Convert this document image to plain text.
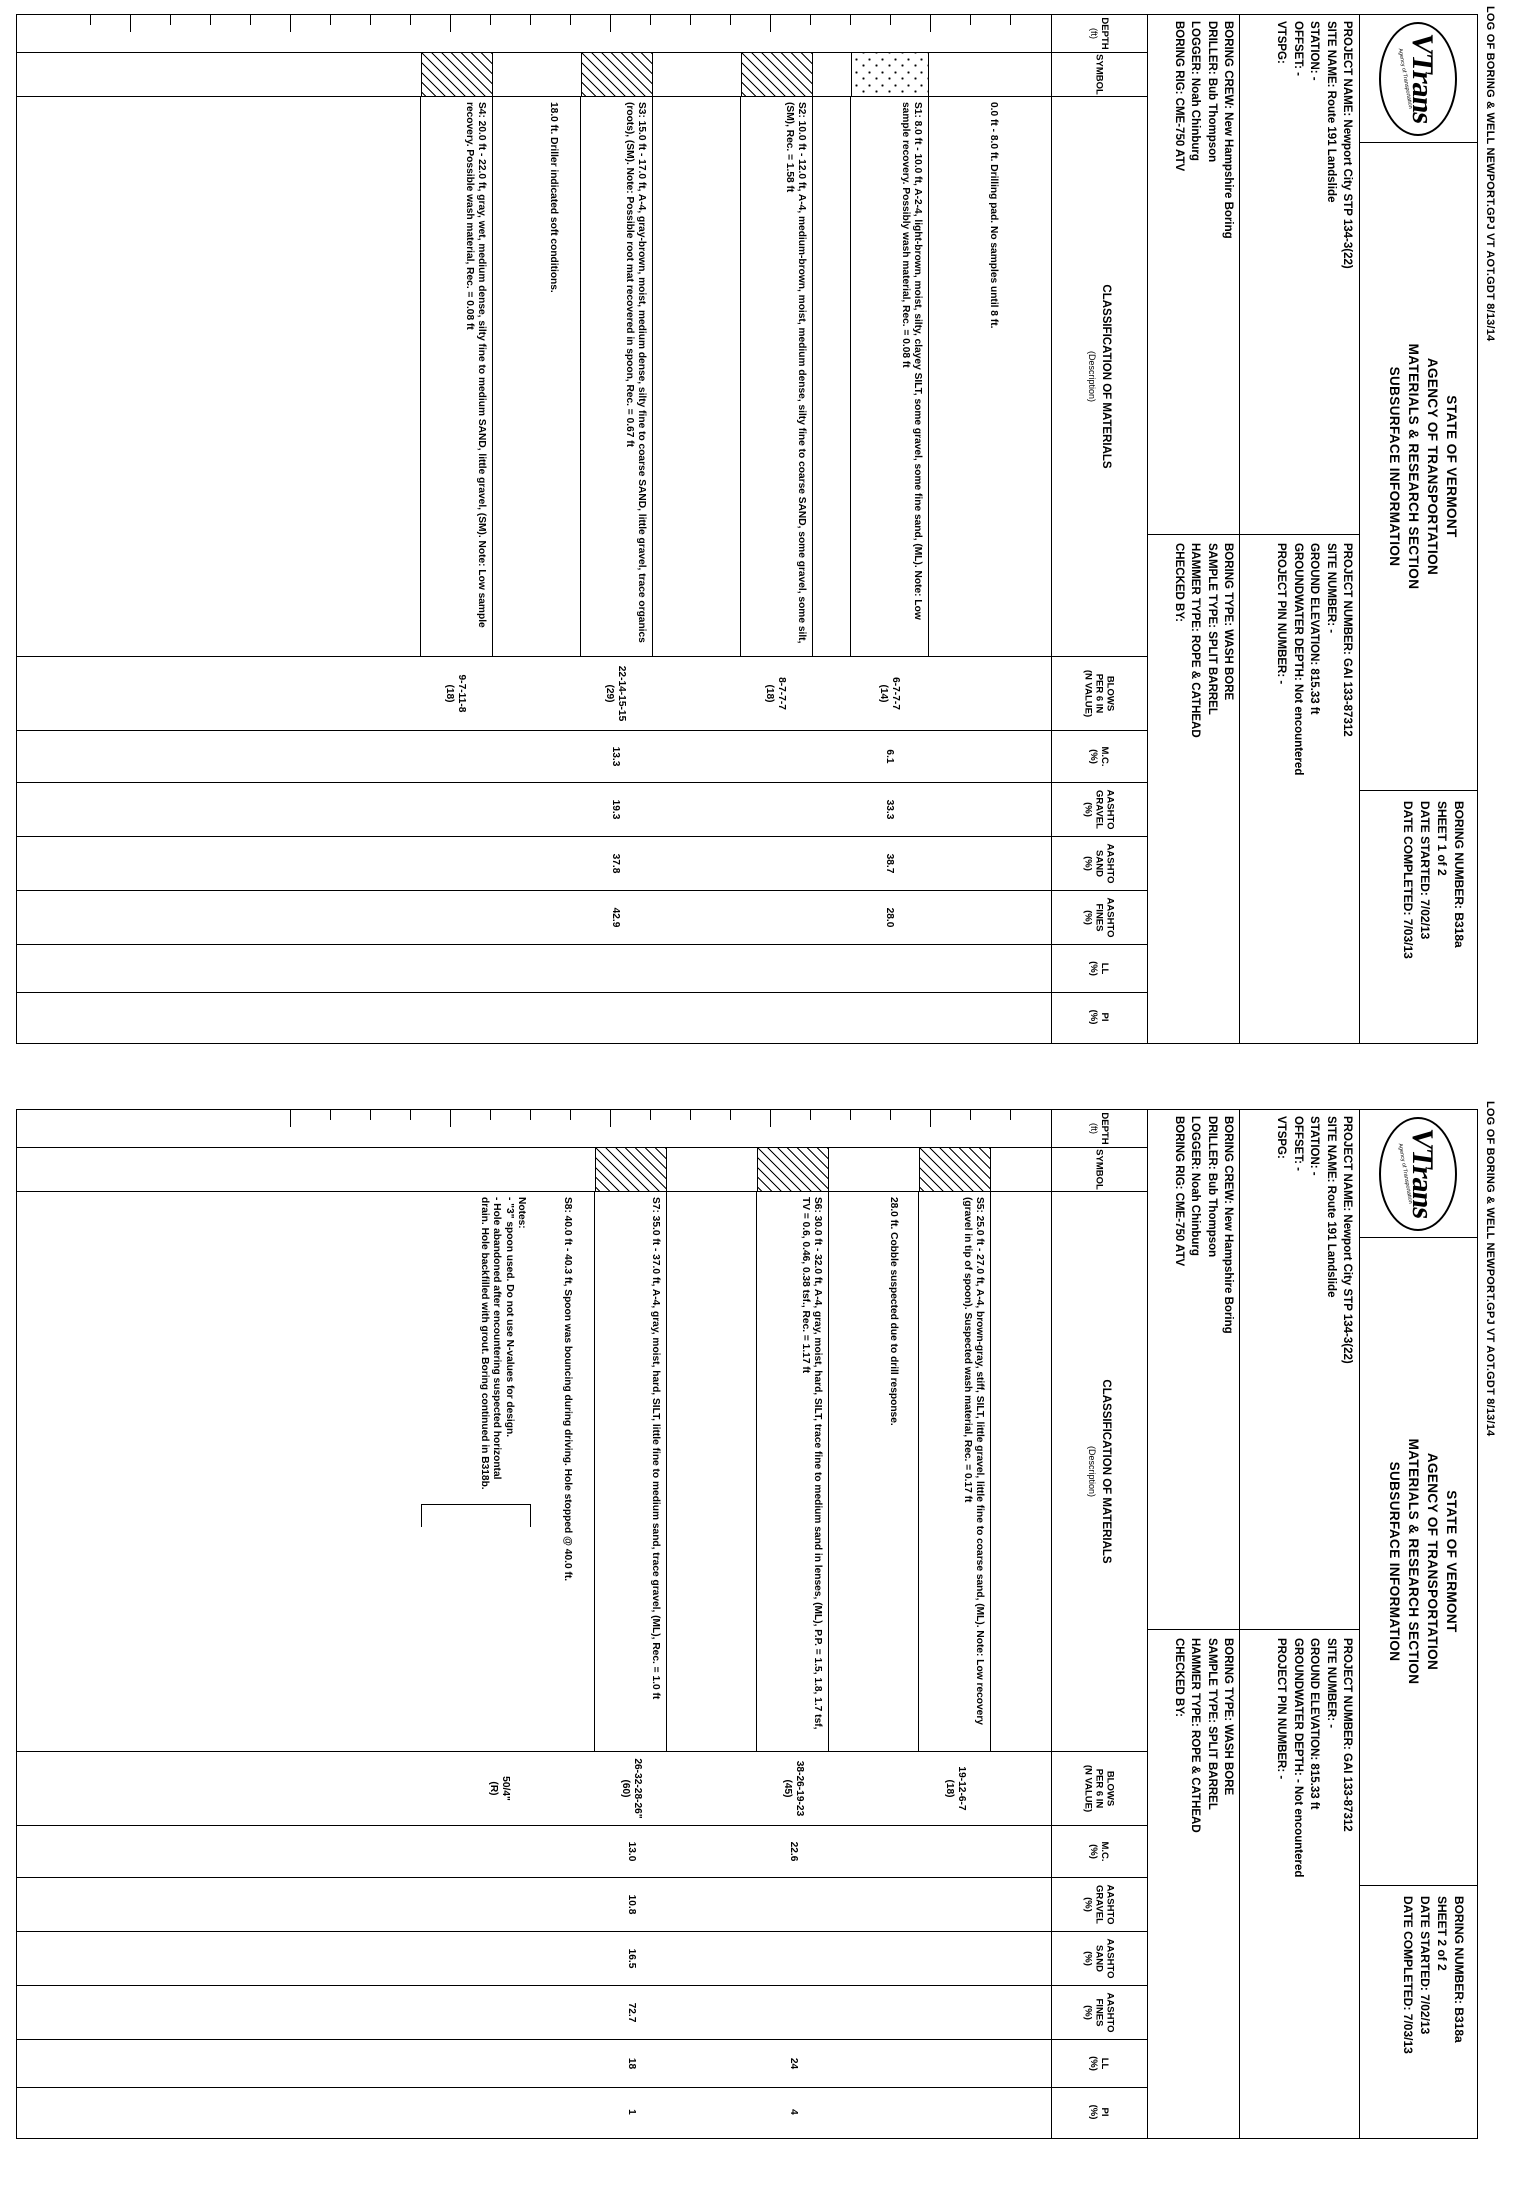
LOG OF BORING & WELL NEWPORT.GPJ VT AOT.GDT 8/13/14
VTrans
Agency of Transportation
STATE OF VERMONT
AGENCY OF TRANSPORTATION
MATERIALS & RESEARCH SECTION
SUBSURFACE INFORMATION
BORING NUMBER: B318a
SHEET 1 of 2
DATE STARTED: 7/02/13
DATE COMPLETED: 7/03/13
PROJECT NAME: Newport City STP 134-3(22)
SITE NAME: Route 191 Landslide
STATION: -
OFFSET: -
VTSPG:
PROJECT NUMBER: GAI 133-87312
SITE NUMBER: -
GROUND ELEVATION: 815.33 ft
GROUNDWATER DEPTH: Not encountered
PROJECT PIN NUMBER: -
BORING CREW: New Hampshire Boring
DRILLER: Bub Thompson
LOGGER: Noah Chinburg
BORING RIG: CME-750 ATV
BORING TYPE: WASH BORE
SAMPLE TYPE: SPLIT BARREL
HAMMER TYPE: ROPE & CATHEAD
CHECKED BY:
DEPTH
(ft)
SYMBOL
CLASSIFICATION OF MATERIALS
(Description)
BLOWS
PER 6 IN
(N VALUE)
M.C.
(%)
AASHTO
GRAVEL
(%)
AASHTO
SAND
(%)
AASHTO
FINES
(%)
LL
(%)
PI
(%)
0.0 ft - 8.0 ft. Drilling pad. No samples until 8 ft.
S1: 8.0 ft - 10.0 ft, A-2-4, light-brown, moist, silty, clayey SILT, some gravel, some fine sand, (ML). Note: Low sample recovery. Possibly wash material, Rec. = 0.08 ft
S2: 10.0 ft - 12.0 ft, A-4, medium-brown, moist, medium dense, silty fine to coarse SAND, some gravel, some silt, (SM), Rec. = 1.58 ft
S3: 15.0 ft - 17.0 ft, A-4, gray-brown, moist, medium dense, silty fine to coarse SAND, little gravel, trace organics (roots), (SM). Note: Possible root mat recovered in spoon, Rec. = 0.67 ft
18.0 ft. Driller indicated soft conditions.
S4: 20.0 ft - 22.0 ft, gray, wet, medium dense, silty fine to medium SAND, little gravel, (SM). Note: Low sample recovery. Possible wash material, Rec. = 0.08 ft
6-7-7-7
(14)
8-7-7-7
(18)
22-14-15-15
(29)
9-7-11-8
(18)
6.1
13.3
33.3
19.3
38.7
37.8
28.0
42.9
LOG OF BORING & WELL NEWPORT.GPJ VT AOT.GDT 8/13/14
VTrans
Agency of Transportation
STATE OF VERMONT
AGENCY OF TRANSPORTATION
MATERIALS & RESEARCH SECTION
SUBSURFACE INFORMATION
BORING NUMBER: B318a
SHEET 2 of 2
DATE STARTED: 7/02/13
DATE COMPLETED: 7/03/13
PROJECT NAME: Newport City STP 134-3(22)
SITE NAME: Route 191 Landslide
STATION: -
OFFSET: -
VTSPG:
PROJECT NUMBER: GAI 133-87312
SITE NUMBER: -
GROUND ELEVATION: 815.33 ft
GROUNDWATER DEPTH: - Not encountered
PROJECT PIN NUMBER: -
BORING CREW: New Hampshire Boring
DRILLER: Bub Thompson
LOGGER: Noah Chinburg
BORING RIG: CME-750 ATV
BORING TYPE: WASH BORE
SAMPLE TYPE: SPLIT BARREL
HAMMER TYPE: ROPE & CATHEAD
CHECKED BY:
DEPTH
(ft)
SYMBOL
CLASSIFICATION OF MATERIALS
(Description)
BLOWS
PER 6 IN
(N VALUE)
M.C.
(%)
AASHTO
GRAVEL
(%)
AASHTO
SAND
(%)
AASHTO
FINES
(%)
LL
(%)
PI
(%)
S5: 25.0 ft - 27.0 ft, A-4, brown-gray, stiff, SILT, little gravel, little fine to coarse sand, (ML). Note: Low recovery (gravel in tip of spoon). Suspected wash material, Rec. = 0.17 ft
28.0 ft. Cobble suspected due to drill response.
S6: 30.0 ft - 32.0 ft, A-4, gray, moist, hard, SILT, trace fine to medium sand in lenses, (ML), P.P. = 1.5, 1.8, 1.7 tsf, TV = 0.6, 0.46, 0.38 tsf., Rec. = 1.17 ft
S7: 35.0 ft - 37.0 ft, A-4, gray, moist, hard, SILT, little fine to medium sand, trace gravel, (ML), Rec. = 1.0 ft
S8: 40.0 ft - 40.3 ft, Spoon was bouncing during driving. Hole stopped @ 40.0 ft.
Notes:
- "3" spoon used. Do not use N-values for design.
- Hole abandoned after encountering suspected horizontal drain. Hole backfilled with grout. Boring continued in B318b.
19-12-6-7
(18)
38-26-19-23
(45)
26-32-28-26"
(60)
50/4"
(R)
22.6
13.0
10.8
16.5
72.7
24
18
4
1
